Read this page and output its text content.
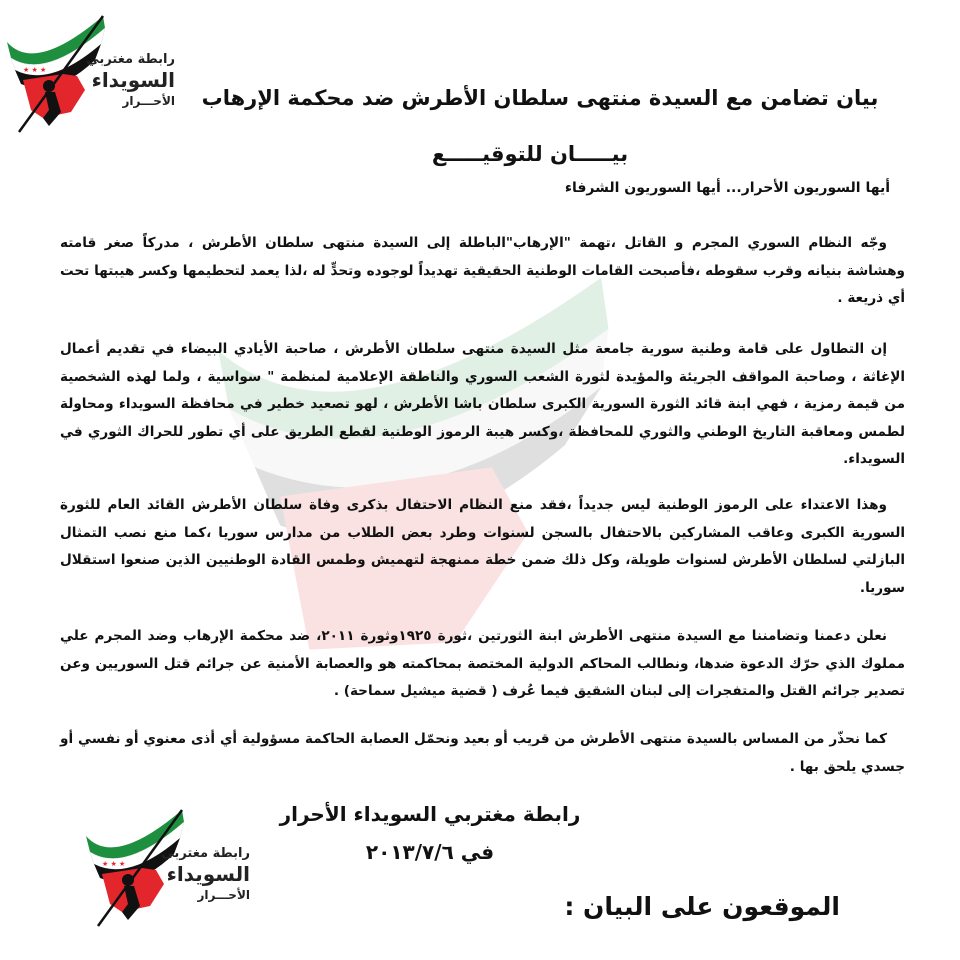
★ ★ ★
رابطة مغتربي
السويداء
الأحـــرار بيان تضامن مع السيدة منتهى سلطان الأطرش ضد محكمة الإرهاب
بيـــــان للتوقيـــــع
أيها السوريون الأحرار... أيها السوريون الشرفاء
وجّه النظام السوري المجرم و القاتل ،تهمة "الإرهاب"الباطلة إلى السيدة منتهى سلطان الأطرش ، مدركاً صغر قامته وهشاشة بنيانه وقرب سقوطه ،فأصبحت القامات الوطنية الحقيقية تهديداً لوجوده وتحدٍّ له ،لذا يعمد لتحطيمها وكسر هيبتها تحت أي ذريعة .
إن التطاول على قامة وطنية سورية جامعة مثل السيدة منتهى سلطان الأطرش ، صاحبة الأيادي البيضاء في تقديم أعمال الإغاثة ، وصاحبة المواقف الجريئة والمؤيدة لثورة الشعب السوري والناطقة الإعلامية لمنظمة " سواسية ، ولما لهذه الشخصية من قيمة رمزية ، فهي ابنة قائد الثورة السورية الكبرى سلطان باشا الأطرش ، لهو تصعيد خطير في محافظة السويداء ومحاولة لطمس ومعاقبة التاريخ الوطني والثوري للمحافظة ،وكسر هيبة الرموز الوطنية لقطع الطريق على أي تطور للحراك الثوري في السويداء.
وهذا الاعتداء على الرموز الوطنية ليس جديداً ،فقد منع النظام الاحتفال بذكرى وفاة سلطان الأطرش القائد العام للثورة السورية الكبرى وعاقب المشاركين بالاحتفال بالسجن لسنوات وطرد بعض الطلاب من مدارس سوريا ،كما منع نصب التمثال البازلتي لسلطان الأطرش لسنوات طويلة، وكل ذلك ضمن خطة ممنهجة لتهميش وطمس القادة الوطنيين الذين صنعوا استقلال سوريا.
نعلن دعمنا وتضامننا مع السيدة منتهى الأطرش ابنة الثورتين ،ثورة ١٩٢٥وثورة ٢٠١١، ضد محكمة الإرهاب وضد المجرم علي مملوك الذي حرّك الدعوة ضدها، ونطالب المحاكم الدولية المختصة بمحاكمته هو والعصابة الأمنية عن جرائم قتل السوريين وعن تصدير جرائم القتل والمتفجرات إلى لبنان الشقيق فيما عُرف ( قضية ميشيل سماحة) .
كما نحذّر من المساس بالسيدة منتهى الأطرش من قريب أو بعيد ونحمّل العصابة الحاكمة مسؤولية أي أذى معنوي أو نفسي أو جسدي يلحق بها .
رابطة مغتربي السويداء الأحرار
في ٢٠١٣/٧/٦
الموقعون على البيان :
★ ★ ★
رابطة مغتربي
السويداء
الأحـــرار
